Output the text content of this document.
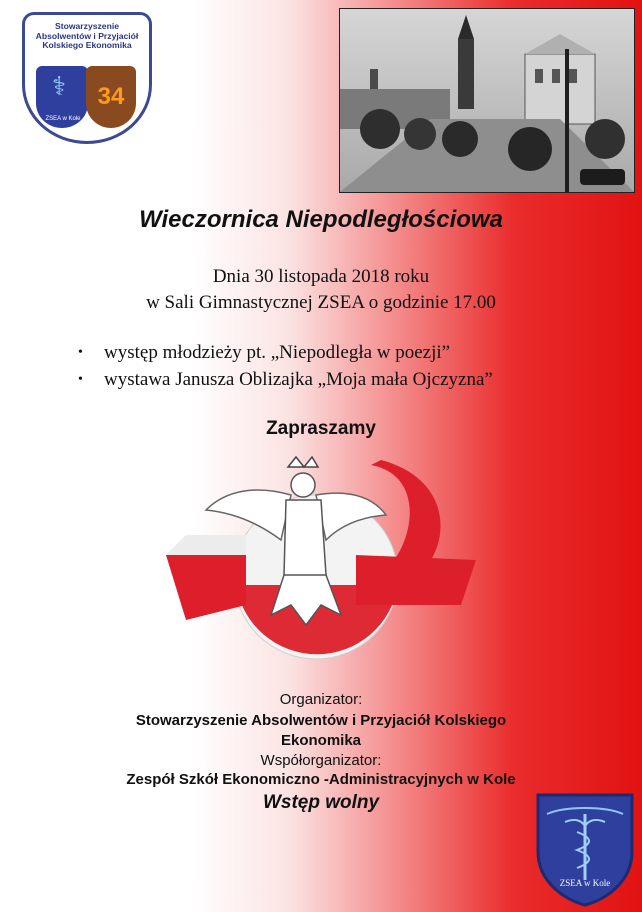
Stowarzyszenie
Absolwentów i Przyjaciół
Kolskiego Ekonomika
⚕
ZSEA w Kole
34
Wieczornica Niepodległościowa
Dnia 30 listopada 2018 roku
w Sali Gimnastycznej ZSEA o godzinie 17.00
• występ młodzieży pt. „Niepodległa w poezji”
• wystawa Janusza Oblizajka „Moja mała Ojczyzna”
Zapraszamy
Organizator:
Stowarzyszenie Absolwentów i Przyjaciół Kolskiego Ekonomika
Współorganizator:
Zespół Szkół Ekonomiczno -Administracyjnych w Kole
Wstęp wolny
ZSEA w Kole
